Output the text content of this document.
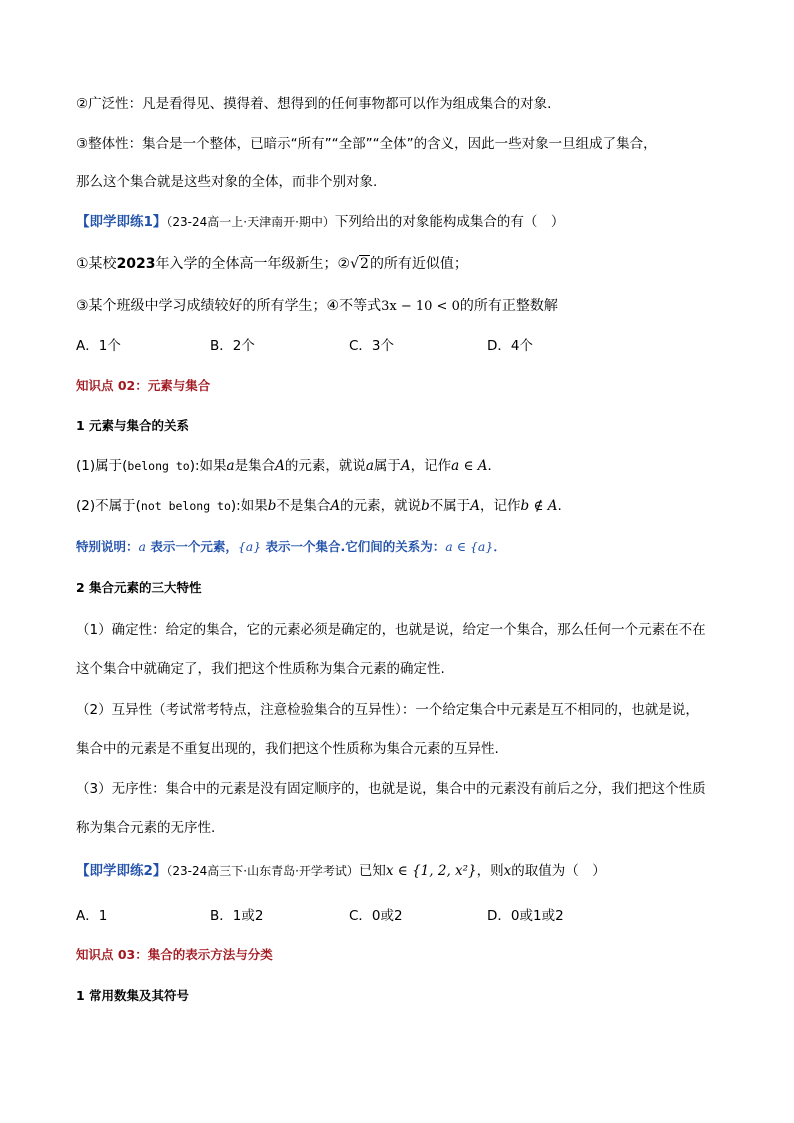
②广泛性：凡是看得见、摸得着、想得到的任何事物都可以作为组成集合的对象.
③整体性：集合是一个整体，已暗示“所有”“全部”“全体”的含义，因此一些对象一旦组成了集合，
那么这个集合就是这些对象的全体，而非个别对象.
【即学即练1】（23-24高一上·天津南开·期中）下列给出的对象能构成集合的有（　）
①某校2023年入学的全体高一年级新生；②√2的所有近似值；
③某个班级中学习成绩较好的所有学生；④不等式3x − 10 < 0的所有正整数解
A．1个	B．2个	C．3个	D．4个
知识点 02：元素与集合
1 元素与集合的关系
(1)属于(belong to):如果a是集合A的元素，就说a属于A，记作a ∈ A．
(2)不属于(not belong to):如果b不是集合A的元素，就说b不属于A，记作b ∉ A.
特别说明：a 表示一个元素，{a} 表示一个集合.它们间的关系为：a ∈ {a}．
2 集合元素的三大特性
（1）确定性：给定的集合，它的元素必须是确定的，也就是说，给定一个集合，那么任何一个元素在不在
这个集合中就确定了，我们把这个性质称为集合元素的确定性.
（2）互异性（考试常考特点，注意检验集合的互异性）：一个给定集合中元素是互不相同的，也就是说，
集合中的元素是不重复出现的，我们把这个性质称为集合元素的互异性.
（3）无序性：集合中的元素是没有固定顺序的，也就是说，集合中的元素没有前后之分，我们把这个性质
称为集合元素的无序性.
【即学即练2】（23-24高三下·山东青岛·开学考试）已知x ∈ {1, 2, x²}，则x的取值为（　）
A．1	B．1或2	C．0或2	D．0或1或2
知识点 03：集合的表示方法与分类
1 常用数集及其符号
